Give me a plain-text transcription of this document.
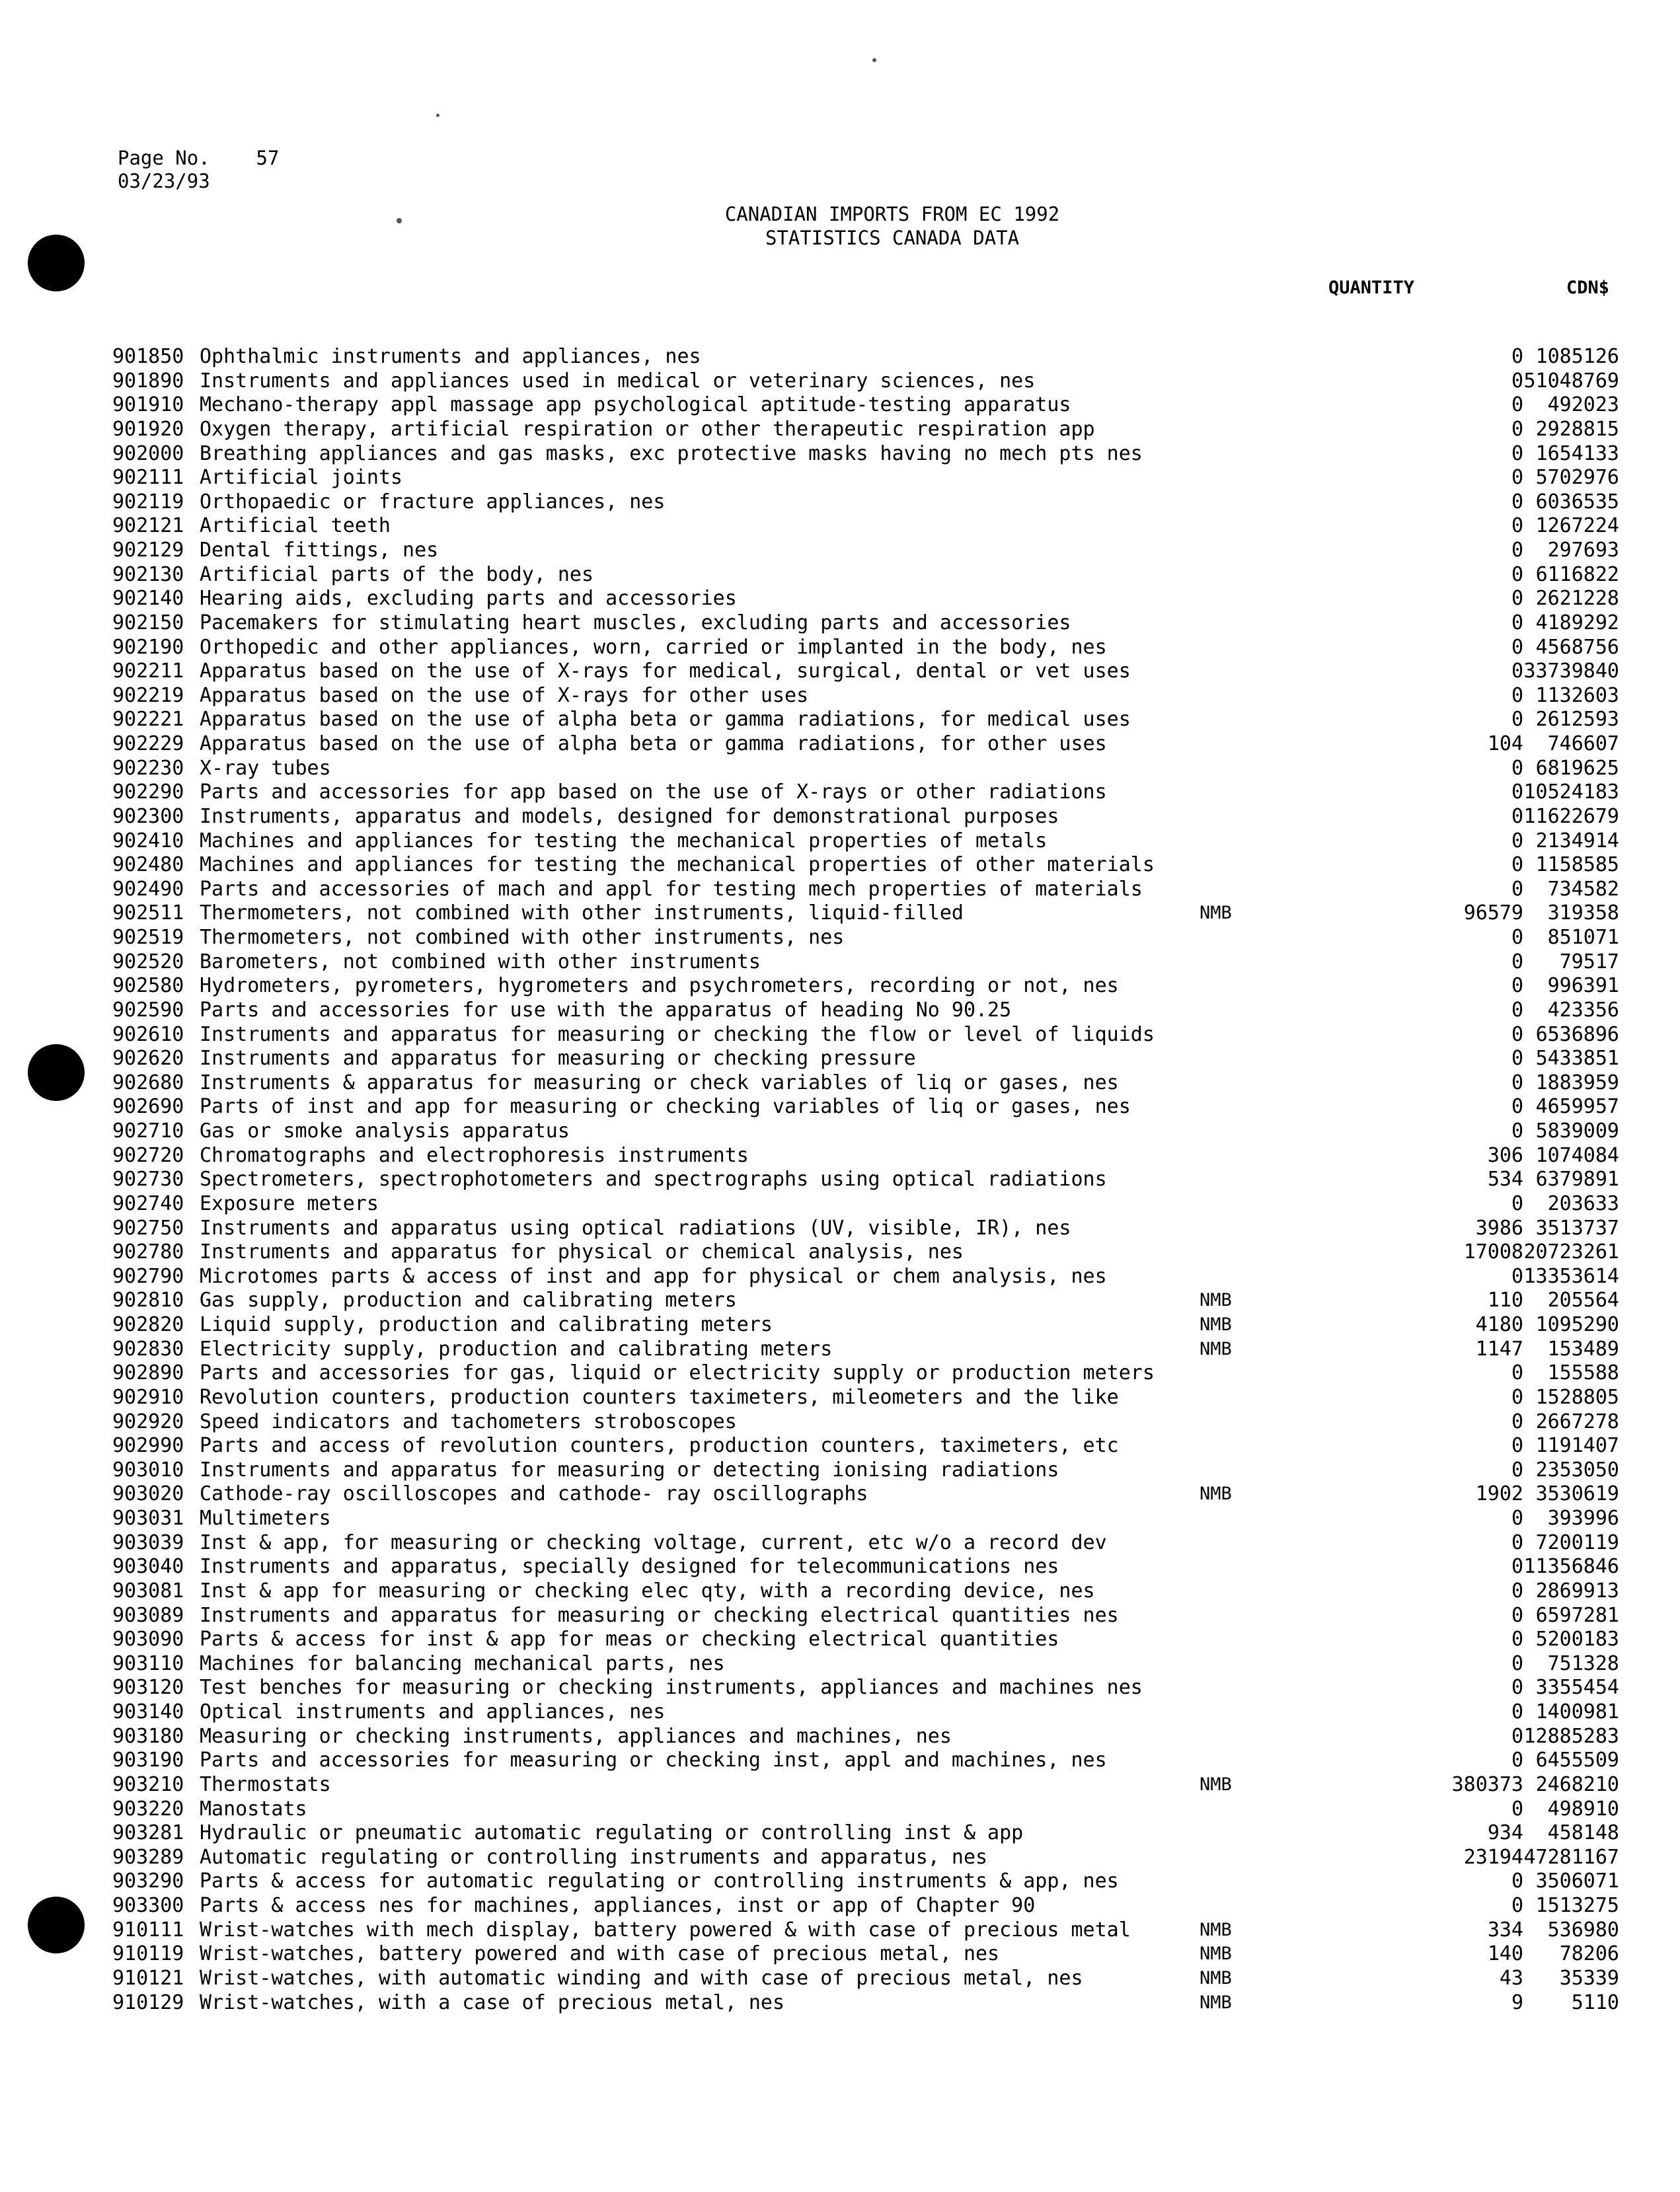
Page No. 57
03/23/93
CANADIAN IMPORTS FROM EC 1992
STATISTICS CANADA DATA
QUANTITY	CDN$
901850 Ophthalmic instruments and appliances, nes	0 1085126
901890 Instruments and appliances used in medical or veterinary sciences, nes	0 51048769
901910 Mechano-therapy appl massage app psychological aptitude-testing apparatus	0 492023
901920 Oxygen therapy, artificial respiration or other therapeutic respiration app	0 2928815
902000 Breathing appliances and gas masks, exc protective masks having no mech pts nes	0 1654133
902111 Artificial joints	0 5702976
902119 Orthopaedic or fracture appliances, nes	0 6036535
902121 Artificial teeth	0 1267224
902129 Dental fittings, nes	0 297693
902130 Artificial parts of the body, nes	0 6116822
902140 Hearing aids, excluding parts and accessories	0 2621228
902150 Pacemakers for stimulating heart muscles, excluding parts and accessories	0 4189292
902190 Orthopedic and other appliances, worn, carried or implanted in the body, nes	0 4568756
902211 Apparatus based on the use of X-rays for medical, surgical, dental or vet uses	0 33739840
902219 Apparatus based on the use of X-rays for other uses	0 1132603
902221 Apparatus based on the use of alpha beta or gamma radiations, for medical uses	0 2612593
902229 Apparatus based on the use of alpha beta or gamma radiations, for other uses	104 746607
902230 X-ray tubes	0 6819625
902290 Parts and accessories for app based on the use of X-rays or other radiations	0 10524183
902300 Instruments, apparatus and models, designed for demonstrational purposes	0 11622679
902410 Machines and appliances for testing the mechanical properties of metals	0 2134914
902480 Machines and appliances for testing the mechanical properties of other materials	0 1158585
902490 Parts and accessories of mach and appl for testing mech properties of materials	0 734582
902511 Thermometers, not combined with other instruments, liquid-filled	NMB	96579 319358
902519 Thermometers, not combined with other instruments, nes	0 851071
902520 Barometers, not combined with other instruments	0 79517
902580 Hydrometers, pyrometers, hygrometers and psychrometers, recording or not, nes	0 996391
902590 Parts and accessories for use with the apparatus of heading No 90.25	0 423356
902610 Instruments and apparatus for measuring or checking the flow or level of liquids	0 6536896
902620 Instruments and apparatus for measuring or checking pressure	0 5433851
902680 Instruments & apparatus for measuring or check variables of liq or gases, nes	0 1883959
902690 Parts of inst and app for measuring or checking variables of liq or gases, nes	0 4659957
902710 Gas or smoke analysis apparatus	0 5839009
902720 Chromatographs and electrophoresis instruments	306 1074084
902730 Spectrometers, spectrophotometers and spectrographs using optical radiations	534 6379891
902740 Exposure meters	0 203633
902750 Instruments and apparatus using optical radiations (UV, visible, IR), nes	3986 3513737
902780 Instruments and apparatus for physical or chemical analysis, nes	17008 20723261
902790 Microtomes parts & access of inst and app for physical or chem analysis, nes	0 13353614
902810 Gas supply, production and calibrating meters	NMB	110 205564
902820 Liquid supply, production and calibrating meters	NMB	4180 1095290
902830 Electricity supply, production and calibrating meters	NMB	1147 153489
902890 Parts and accessories for gas, liquid or electricity supply or production meters	0 155588
902910 Revolution counters, production counters taximeters, mileometers and the like	0 1528805
902920 Speed indicators and tachometers stroboscopes	0 2667278
902990 Parts and access of revolution counters, production counters, taximeters, etc	0 1191407
903010 Instruments and apparatus for measuring or detecting ionising radiations	0 2353050
903020 Cathode-ray oscilloscopes and cathode- ray oscillographs	NMB	1902 3530619
903031 Multimeters	0 393996
903039 Inst & app, for measuring or checking voltage, current, etc w/o a record dev	0 7200119
903040 Instruments and apparatus, specially designed for telecommunications nes	0 11356846
903081 Inst & app for measuring or checking elec qty, with a recording device, nes	0 2869913
903089 Instruments and apparatus for measuring or checking electrical quantities nes	0 6597281
903090 Parts & access for inst & app for meas or checking electrical quantities	0 5200183
903110 Machines for balancing mechanical parts, nes	0 751328
903120 Test benches for measuring or checking instruments, appliances and machines nes	0 3355454
903140 Optical instruments and appliances, nes	0 1400981
903180 Measuring or checking instruments, appliances and machines, nes	0 12885283
903190 Parts and accessories for measuring or checking inst, appl and machines, nes	0 6455509
903210 Thermostats	NMB	380373 2468210
903220 Manostats	0 498910
903281 Hydraulic or pneumatic automatic regulating or controlling inst & app	934 458148
903289 Automatic regulating or controlling instruments and apparatus, nes	23194 47281167
903290 Parts & access for automatic regulating or controlling instruments & app, nes	0 3506071
903300 Parts & access nes for machines, appliances, inst or app of Chapter 90	0 1513275
910111 Wrist-watches with mech display, battery powered & with case of precious metal	NMB	334 536980
910119 Wrist-watches, battery powered and with case of precious metal, nes	NMB	140 78206
910121 Wrist-watches, with automatic winding and with case of precious metal, nes	NMB	43 35339
910129 Wrist-watches, with a case of precious metal, nes	NMB	9 5110
